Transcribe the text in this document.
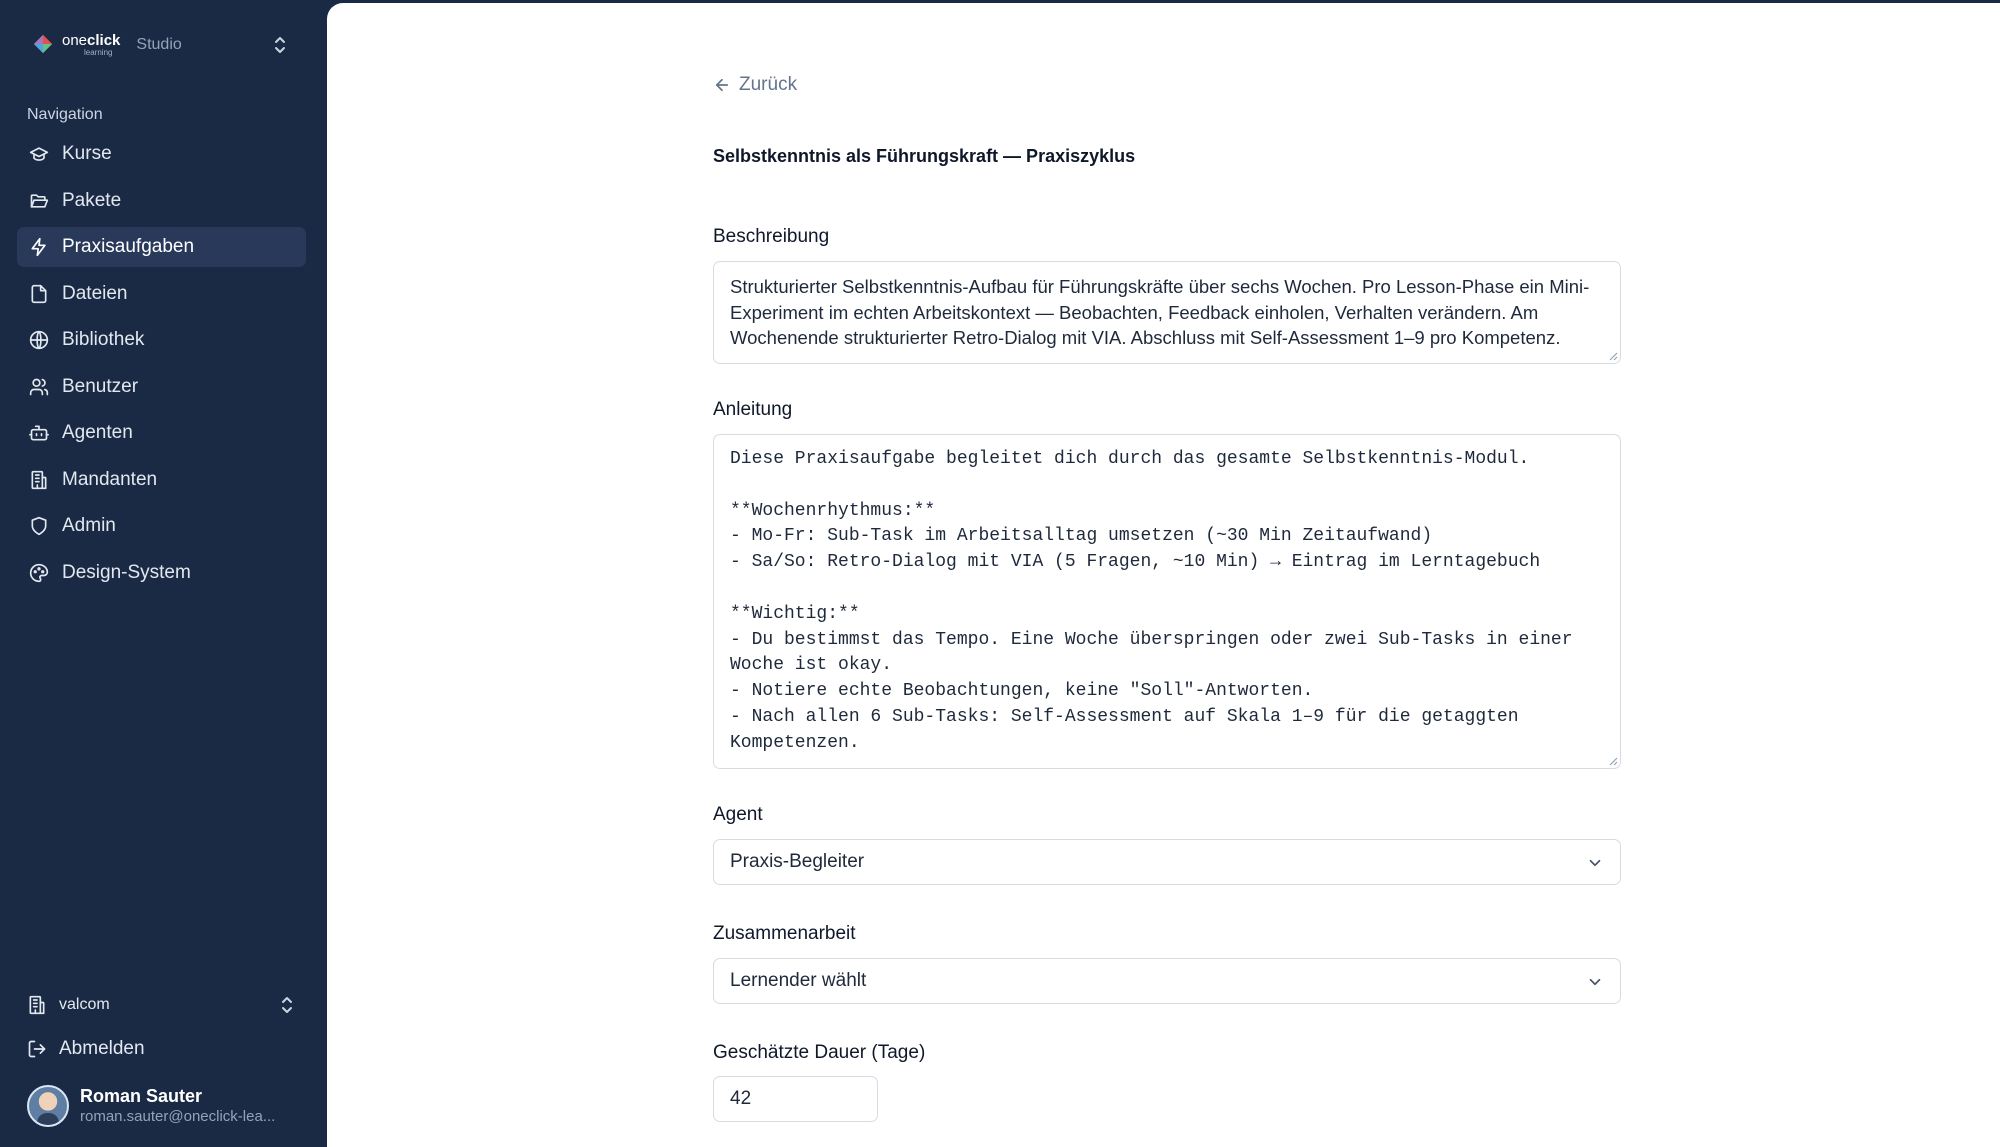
oneclick
learning	Studio
Navigation
Kurse
Pakete
Praxisaufgaben
Dateien
Bibliothek
Benutzer
Agenten
Mandanten
Admin
Design-System
valcom
Abmelden
Roman Sauter
roman.sauter@oneclick-lea...
Zurück
Selbstkenntnis als Führungskraft — Praxiszyklus
Beschreibung
Strukturierter Selbstkenntnis-Aufbau für Führungskräfte über sechs Wochen. Pro Lesson-Phase ein Mini-Experiment im echten Arbeitskontext — Beobachten, Feedback einholen, Verhalten verändern. Am Wochenende strukturierter Retro-Dialog mit VIA. Abschluss mit Self-Assessment 1–9 pro Kompetenz.
Anleitung
Diese Praxisaufgabe begleitet dich durch das gesamte Selbstkenntnis-Modul.

**Wochenrhythmus:**
- Mo-Fr: Sub-Task im Arbeitsalltag umsetzen (~30 Min Zeitaufwand)
- Sa/So: Retro-Dialog mit VIA (5 Fragen, ~10 Min) → Eintrag im Lerntagebuch

**Wichtig:**
- Du bestimmst das Tempo. Eine Woche überspringen oder zwei Sub-Tasks in einer Woche ist okay.
- Notiere echte Beobachtungen, keine "Soll"-Antworten.
- Nach allen 6 Sub-Tasks: Self-Assessment auf Skala 1–9 für die getaggten Kompetenzen.
Agent
Praxis-Begleiter
Zusammenarbeit
Lernender wählt
Geschätzte Dauer (Tage)
42
